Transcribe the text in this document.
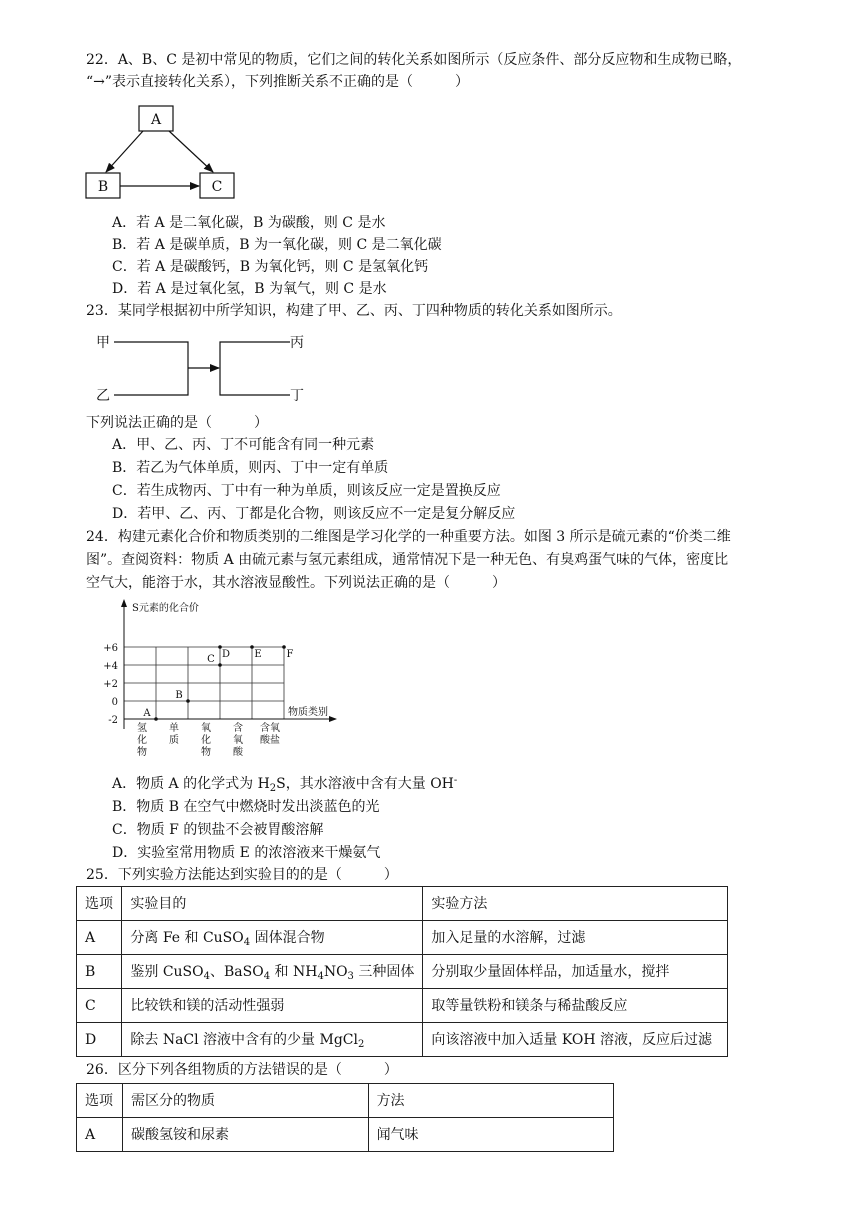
22．A、B、C 是初中常见的物质，它们之间的转化关系如图所示（反应条件、部分反应物和生成物已略，
“→”表示直接转化关系），下列推断关系不正确的是（　　　）
A
B	C
甲
乙
丙
丁
A．若 A 是二氧化碳，B 为碳酸，则 C 是水
B．若 A 是碳单质，B 为一氧化碳，则 C 是二氧化碳
C．若 A 是碳酸钙，B 为氧化钙，则 C 是氢氧化钙
D．若 A 是过氧化氢，B 为氧气，则 C 是水
23．某同学根据初中所学知识，构建了甲、乙、丙、丁四种物质的转化关系如图所示。
下列说法正确的是（　　　）
A．甲、乙、丙、丁不可能含有同一种元素
B．若乙为气体单质，则丙、丁中一定有单质
C．若生成物丙、丁中有一种为单质，则该反应一定是置换反应
D．若甲、乙、丙、丁都是化合物，则该反应不一定是复分解反应
24．构建元素化合价和物质类别的二维图是学习化学的一种重要方法。如图 3 所示是硫元素的“价类二维
图”。查阅资料：物质 A 由硫元素与氢元素组成，通常情况下是一种无色、有臭鸡蛋气味的气体，密度比
空气大，能溶于水，其水溶液显酸性。下列说法正确的是（　　　）
+6
+4
+2
0
-2
氢
化
物
单
质
氧
化
物
含
氧
酸
含氧
酸盐
A
B
C D E F
S元素的化合价
物质类别
A．物质 A 的化学式为 $H_2S$，其水溶液中含有大量 OH-
B．物质 B 在空气中燃烧时发出淡蓝色的光
C．物质 F 的钡盐不会被胃酸溶解
D．实验室常用物质 E 的浓溶液来干燥氨气
25．下列实验方法能达到实验目的的是（　　　）
选项	实验目的	实验方法
A	分离 Fe 和 CuSO$_4$ 固体混合物	加入足量的水溶解，过滤
B	鉴别 CuSO$_4$、BaSO$_4$ 和 $NH_4NO_3$ 三种固体	分别取少量固体样品，加适量水，搅拌
C	比较铁和镁的活动性强弱	取等量铁粉和镁条与稀盐酸反应
D	除去 NaCl 溶液中含有的少量 MgCl$_2$	向该溶液中加入适量 KOH 溶液，反应后过滤
26．区分下列各组物质的方法错误的是（　　　）
选项	需区分的物质	方法
A	碳酸氢铵和尿素	闻气味
